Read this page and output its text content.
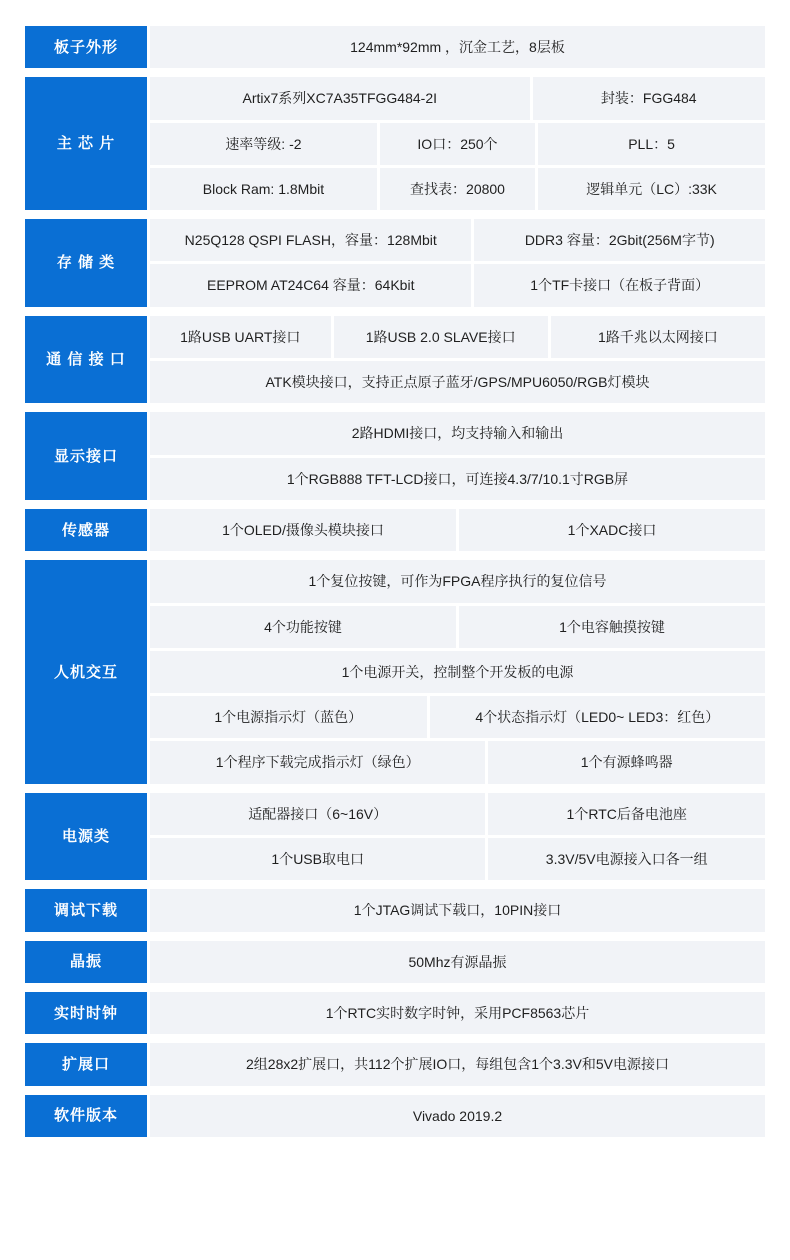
板子外形	124mm*92mm ，沉金工艺，8层板
主 芯 片
Artix7系列XC7A35TFGG484-2I	封装：FGG484
速率等级: -2	IO口：250个	PLL：5
Block Ram: 1.8Mbit	查找表：20800	逻辑单元（LC）:33K
存 储 类
N25Q128 QSPI FLASH，容量：128Mbit	DDR3 容量：2Gbit(256M字节)
EEPROM AT24C64 容量：64Kbit	1个TF卡接口（在板子背面）
通 信 接 口
1路USB UART接口	1路USB 2.0 SLAVE接口	1路千兆以太网接口
ATK模块接口，支持正点原子蓝牙/GPS/MPU6050/RGB灯模块
显示接口
2路HDMI接口，均支持输入和输出
1个RGB888 TFT-LCD接口，可连接4.3/7/10.1寸RGB屏
传感器	1个OLED/摄像头模块接口	1个XADC接口
人机交互
1个复位按键，可作为FPGA程序执行的复位信号
4个功能按键	1个电容触摸按键
1个电源开关，控制整个开发板的电源
1个电源指示灯（蓝色）	4个状态指示灯（LED0~ LED3：红色）
1个程序下载完成指示灯（绿色）	1个有源蜂鸣器
电源类
适配器接口（6~16V）	1个RTC后备电池座
1个USB取电口	3.3V/5V电源接入口各一组
调试下载	1个JTAG调试下载口，10PIN接口
晶振	50Mhz有源晶振
实时时钟	1个RTC实时数字时钟，采用PCF8563芯片
扩展口	2组28x2扩展口，共112个扩展IO口，每组包含1个3.3V和5V电源接口
软件版本	Vivado 2019.2
